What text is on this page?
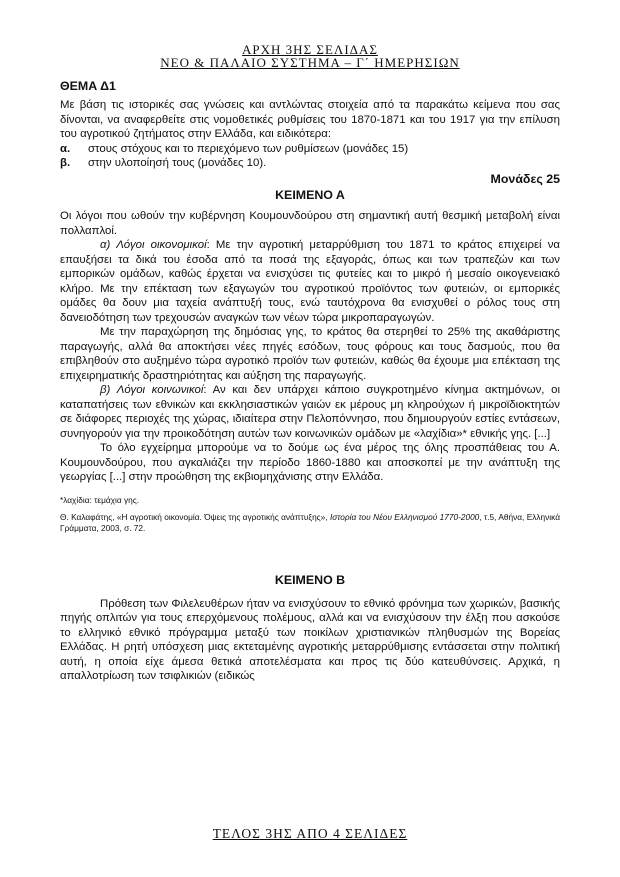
ΑΡΧΗ 3ΗΣ ΣΕΛΙΔΑΣ
ΝΕΟ & ΠΑΛΑΙΟ ΣΥΣΤΗΜΑ – Γ΄ ΗΜΕΡΗΣΙΩΝ
ΘΕΜΑ Δ1

Με βάση τις ιστορικές σας γνώσεις και αντλώντας στοιχεία από τα παρακάτω κείμενα που σας δίνονται, να αναφερθείτε στις νομοθετικές ρυθμίσεις του 1870-1871 και του 1917 για την επίλυση του αγροτικού ζητήματος στην Ελλάδα, και ειδικότερα:

α.	στους στόχους και το περιεχόμενο των ρυθμίσεων (μονάδες 15)
β.	στην υλοποίησή τους (μονάδες 10).

Μονάδες 25

ΚΕΙΜΕΝΟ Α

Οι λόγοι που ωθούν την κυβέρνηση Κουμουνδούρου στη σημαντική αυτή θεσμική μεταβολή είναι πολλαπλοί.

α) Λόγοι οικονομικοί: Με την αγροτική μεταρρύθμιση του 1871 το κράτος επιχειρεί να επαυξήσει τα δικά του έσοδα από τα ποσά της εξαγοράς, όπως και των τραπεζών και των εμπορικών ομάδων, καθώς έρχεται να ενισχύσει τις φυτείες και το μικρό ή μεσαίο οικογενειακό κλήρο. Με την επέκταση των εξαγωγών του αγροτικού προϊόντος των φυτειών, οι εμπορικές ομάδες θα δουν μια ταχεία ανάπτυξή τους, ενώ ταυτόχρονα θα ενισχυθεί ο ρόλος τους στη δανειοδότηση των τρεχουσών αναγκών των νέων τώρα μικροπαραγωγών.

Με την παραχώρηση της δημόσιας γης, το κράτος θα στερηθεί το 25% της ακαθάριστης παραγωγής, αλλά θα αποκτήσει νέες πηγές εσόδων, τους φόρους και τους δασμούς, που θα επιβληθούν στο αυξημένο τώρα αγροτικό προϊόν των φυτειών, καθώς θα έχουμε μια επέκταση της επιχειρηματικής δραστηριότητας και αύξηση της παραγωγής.

β) Λόγοι κοινωνικοί: Αν και δεν υπάρχει κάποιο συγκροτημένο κίνημα ακτημόνων, οι καταπατήσεις των εθνικών και εκκλησιαστικών γαιών εκ μέρους μη κληρούχων ή μικροϊδιοκτητών σε διάφορες περιοχές της χώρας, ιδιαίτερα στην Πελοπόννησο, που δημιουργούν εστίες εντάσεων, συνηγορούν για την προικοδότηση αυτών των κοινωνικών ομάδων με «λαχίδια»* εθνικής γης. [...]

Το όλο εγχείρημα μπορούμε να το δούμε ως ένα μέρος της όλης προσπάθειας του Α. Κουμουνδούρου, που αγκαλιάζει την περίοδο 1860-1880 και αποσκοπεί με την ανάπτυξη της γεωργίας [...] στην προώθηση της εκβιομηχάνισης στην Ελλάδα.

*λαχίδια: τεμάχια γης.

Θ. Καλαφάτης, «Η αγροτική οικονομία. Όψεις της αγροτικής ανάπτυξης», Ιστορία του Νέου Ελληνισμού 1770-2000, τ.5, Αθήνα, Ελληνικά Γράμματα, 2003, σ. 72.

ΚΕΙΜΕΝΟ Β

Πρόθεση των Φιλελευθέρων ήταν να ενισχύσουν το εθνικό φρόνημα των χωρικών, βασικής πηγής οπλιτών για τους επερχόμενους πολέμους, αλλά και να ενισχύσουν την έλξη που ασκούσε το ελληνικό εθνικό πρόγραμμα μεταξύ των ποικίλων χριστιανικών πληθυσμών της Βορείας Ελλάδας. Η ρητή υπόσχεση μιας εκτεταμένης αγροτικής μεταρρύθμισης εντάσσεται στην πολιτική αυτή, η οποία είχε άμεσα θετικά αποτελέσματα και προς τις δύο κατευθύνσεις. Αρχικά, η απαλλοτρίωση των τσιφλικιών (ειδικώς

ΤΕΛΟΣ 3ΗΣ ΑΠΟ 4 ΣΕΛΙΔΕΣ
